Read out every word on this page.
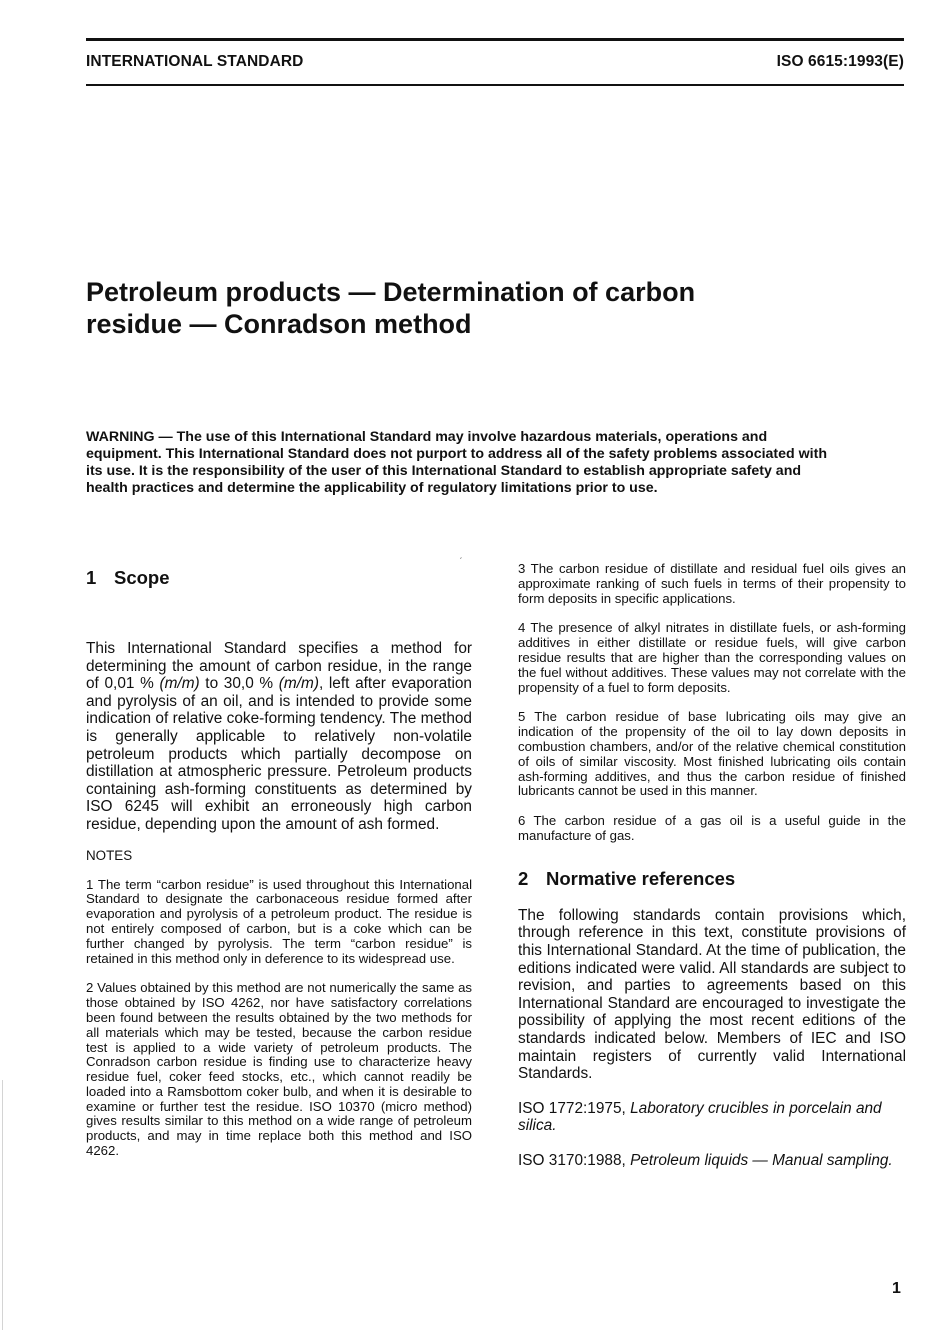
INTERNATIONAL STANDARD	ISO 6615:1993(E)
Petroleum products — Determination of carbon
residue — Conradson method

WARNING — The use of this International Standard may involve hazardous materials, operations and equipment. This International Standard does not purport to address all of the safety problems associated with its use. It is the responsibility of the user of this International Standard to establish appropriate safety and health practices and determine the applicability of regulatory limitations prior to use.

ˏ
1 Scope

This International Standard specifies a method for determining the amount of carbon residue, in the range of 0,01 % (m/m) to 30,0 % (m/m), left after evaporation and pyrolysis of an oil, and is intended to provide some indication of relative coke-forming tendency. The method is generally applicable to relatively non-volatile petroleum products which partially decompose on distillation at atmospheric pressure. Petroleum products containing ash-forming constituents as determined by ISO 6245 will exhibit an erroneously high carbon residue, depending upon the amount of ash formed.

NOTES

1 The term “carbon residue” is used throughout this International Standard to designate the carbonaceous residue formed after evaporation and pyrolysis of a petroleum product. The residue is not entirely composed of carbon, but is a coke which can be further changed by pyrolysis. The term “carbon residue” is retained in this method only in deference to its widespread use.

2 Values obtained by this method are not numerically the same as those obtained by ISO 4262, nor have satisfactory correlations been found between the results obtained by the two methods for all materials which may be tested, because the carbon residue test is applied to a wide variety of petroleum products. The Conradson carbon residue is finding use to characterize heavy residue fuel, coker feed stocks, etc., which cannot readily be loaded into a Ramsbottom coker bulb, and when it is desirable to examine or further test the residue. ISO 10370 (micro method) gives results similar to this method on a wide range of petroleum products, and may in time replace both this method and ISO 4262.

3 The carbon residue of distillate and residual fuel oils gives an approximate ranking of such fuels in terms of their propensity to form deposits in specific applications.

4 The presence of alkyl nitrates in distillate fuels, or ash-forming additives in either distillate or residue fuels, will give carbon residue results that are higher than the corresponding values on the fuel without additives. These values may not correlate with the propensity of a fuel to form deposits.

5 The carbon residue of base lubricating oils may give an indication of the propensity of the oil to lay down deposits in combustion chambers, and/or of the relative chemical constitution of oils of similar viscosity. Most finished lubricating oils contain ash-forming additives, and thus the carbon residue of finished lubricants cannot be used in this manner.

6 The carbon residue of a gas oil is a useful guide in the manufacture of gas.

2 Normative references

The following standards contain provisions which, through reference in this text, constitute provisions of this International Standard. At the time of publication, the editions indicated were valid. All standards are subject to revision, and parties to agreements based on this International Standard are encouraged to investigate the possibility of applying the most recent editions of the standards indicated below. Members of IEC and ISO maintain registers of currently valid International Standards.

ISO 1772:1975, Laboratory crucibles in porcelain and silica.

ISO 3170:1988, Petroleum liquids — Manual sampling.

1
